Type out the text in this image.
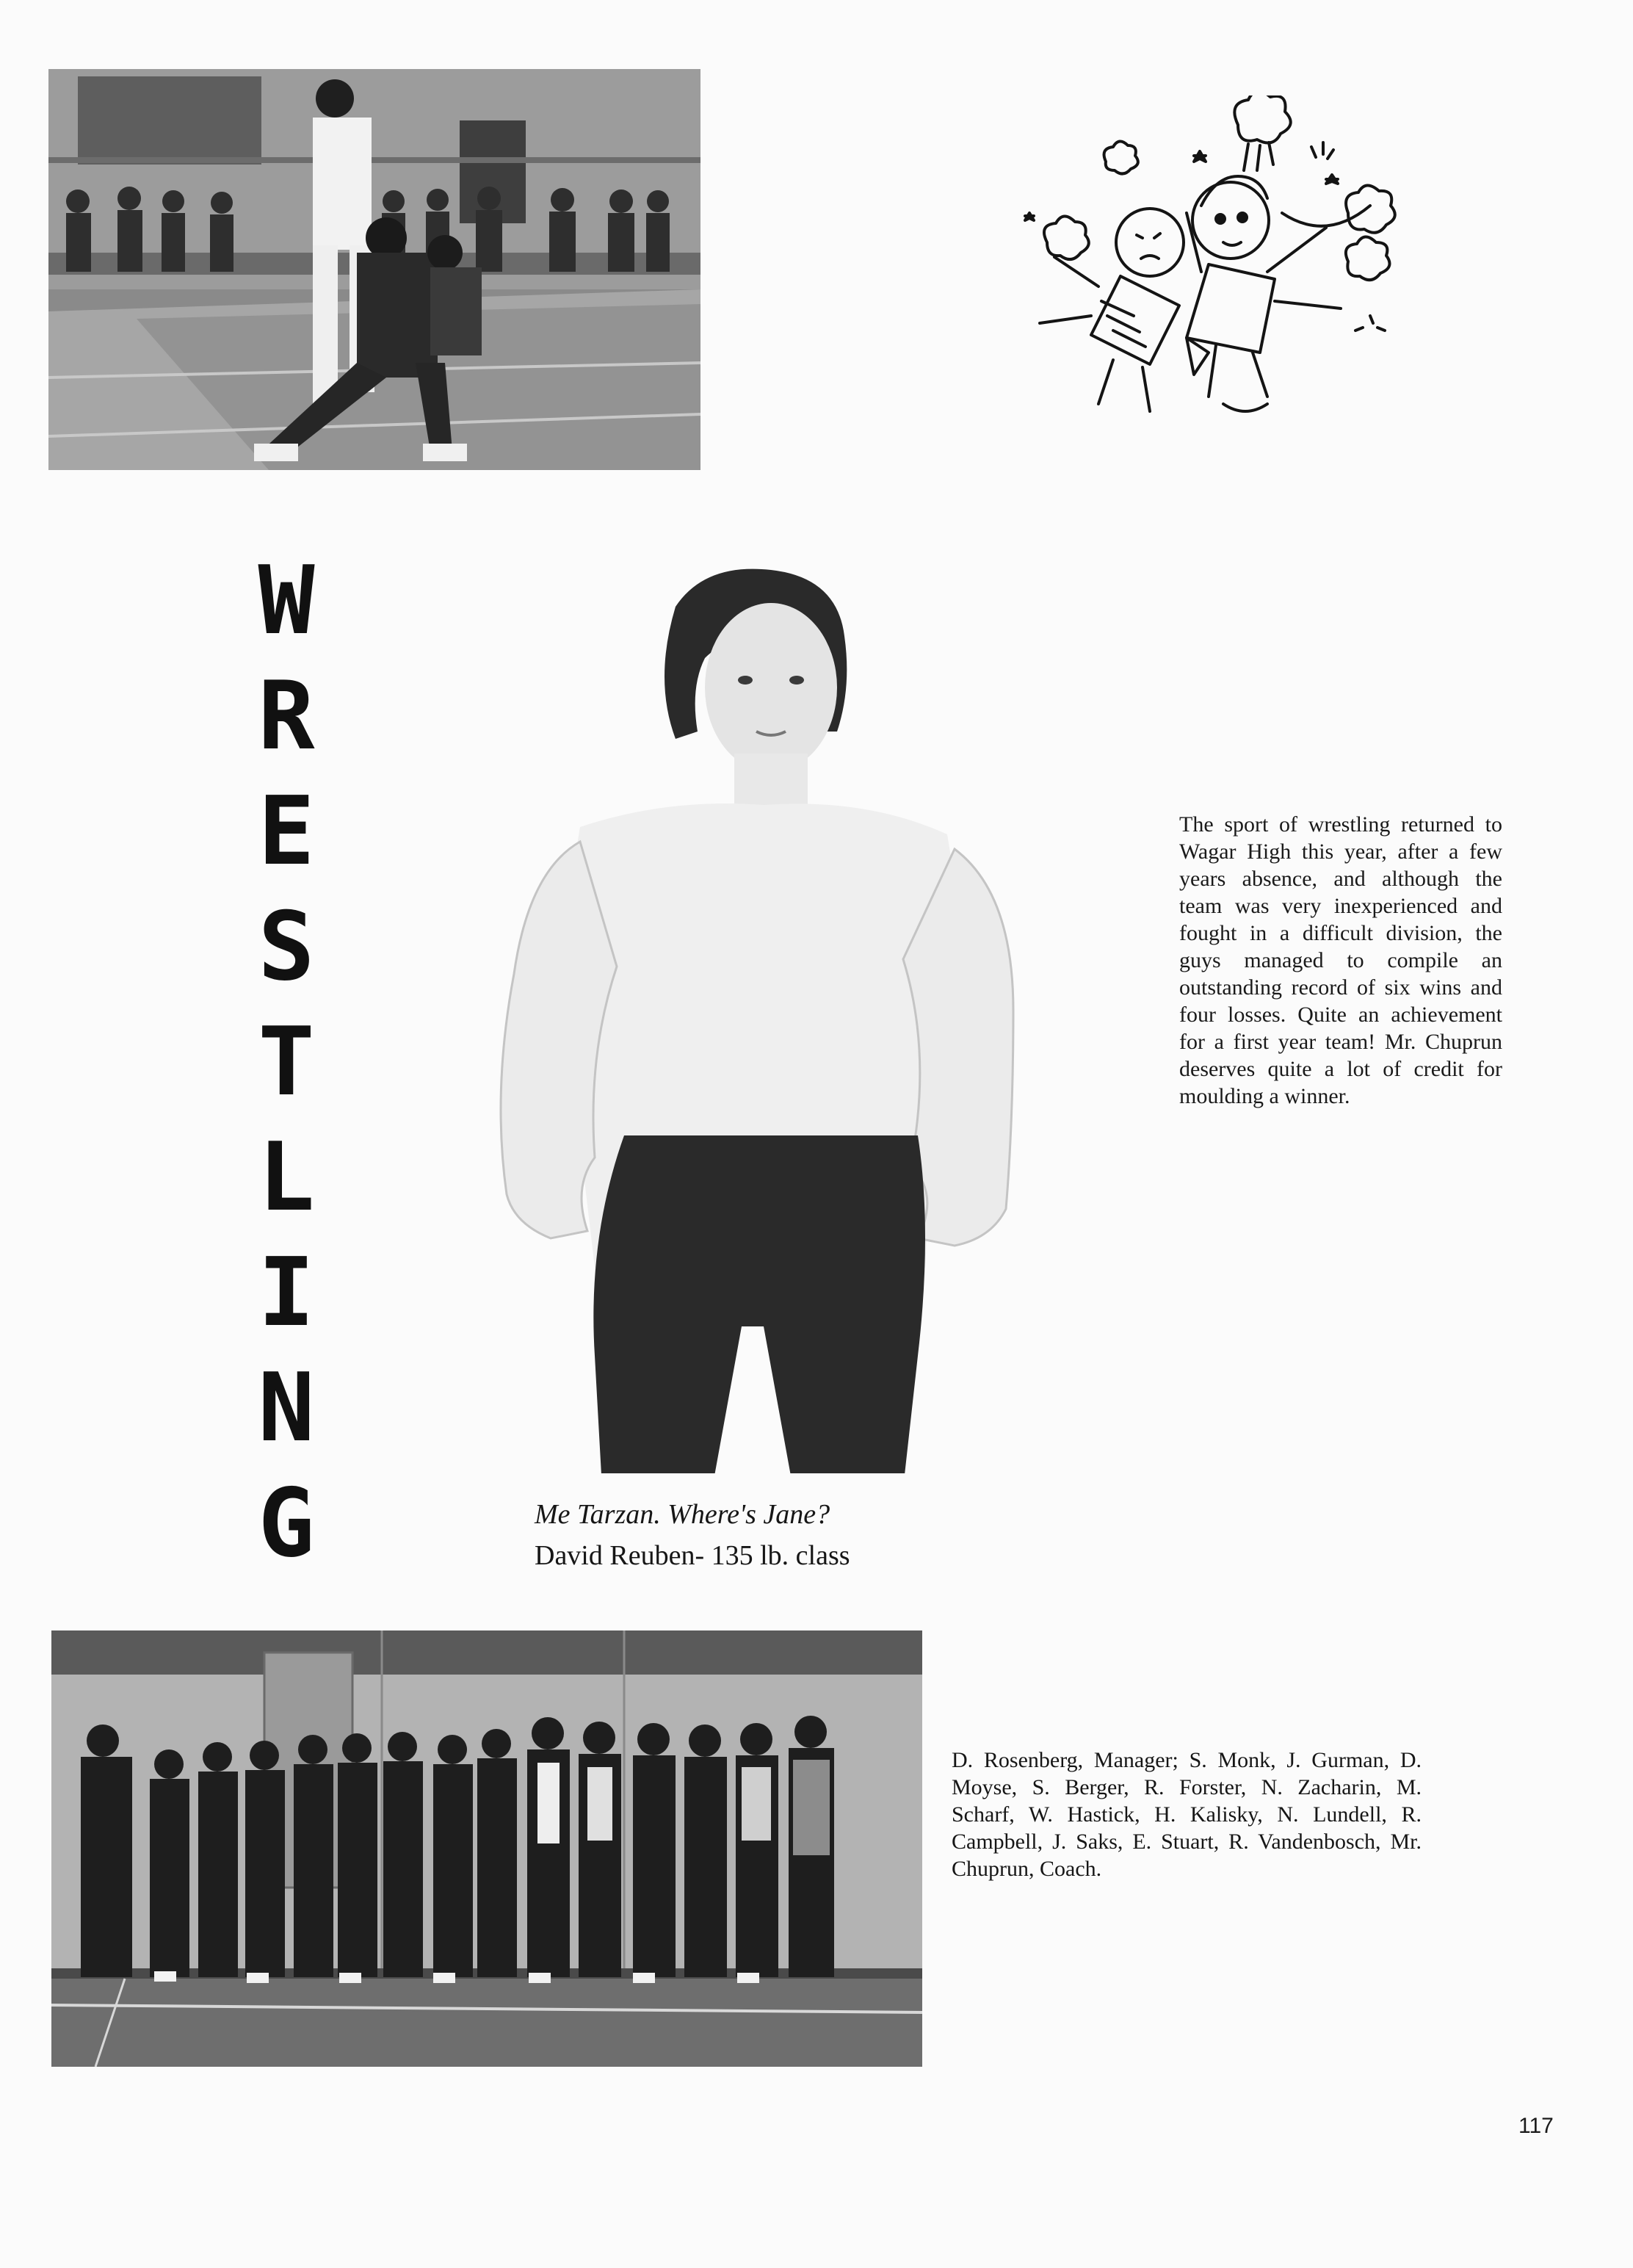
W
R
E
S
T
L
I
N
G

The sport of wrestling returned to Wagar High this year, after a few years absence, and although the team was very inexperienced and fought in a difficult division, the guys managed to compile an outstanding record of six wins and four losses. Quite an achievement for a first year team! Mr. Chuprun deserves quite a lot of credit for moulding a winner.

Me Tarzan. Where's Jane?

David Reuben- 135 lb. class

D. Rosenberg, Manager; S. Monk, J. Gurman, D. Moyse, S. Berger, R. Forster, N. Zacharin, M. Scharf, W. Hastick, H. Kalisky, N. Lundell, R. Campbell, J. Saks, E. Stuart, R. Vandenbosch, Mr. Chuprun, Coach.

117
